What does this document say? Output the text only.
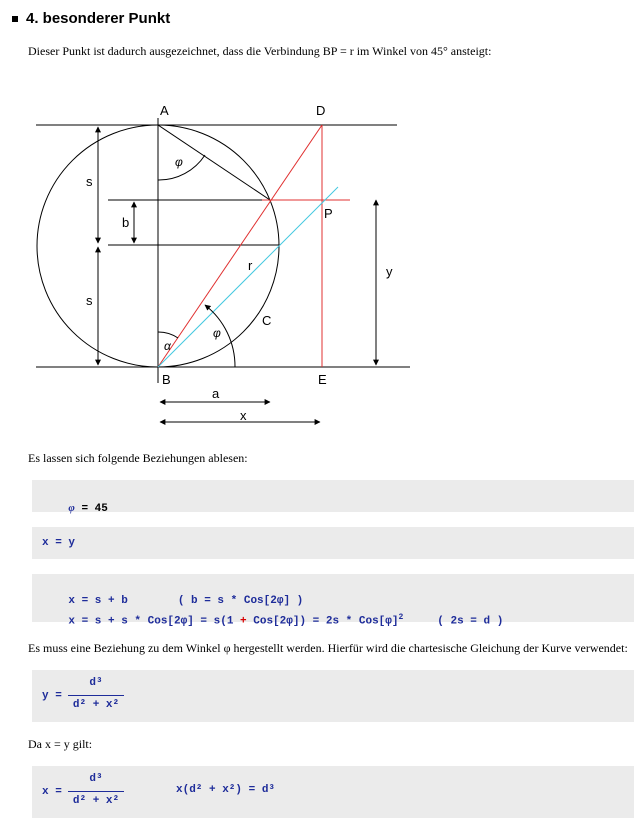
4. besonderer Punkt
Dieser Punkt ist dadurch ausgezeichnet, dass die Verbindung BP = r im Winkel von 45° ansteigt:
A	D
B	E
P
C
s
s
b
r	y
a
x
φ
φ
α
Es lassen sich folgende Beziehungen ablesen:

φ = 45

x = y

x = s + b	( b = s * Cos[2φ] )

$x = s + s * Cos[2\varphi] = s(1 + Cos[2\varphi]) = 2s * Cos[\varphi]^2$	( 2s = d )

Es muss eine Beziehung zu dem Winkel φ hergestellt werden. Hierfür wird die chartesische Gleichung der Kurve verwendet:
y =
d³
d² + x²
Da x = y gilt:
x =
d³
d² + x²
x(d² + x²) = d³
